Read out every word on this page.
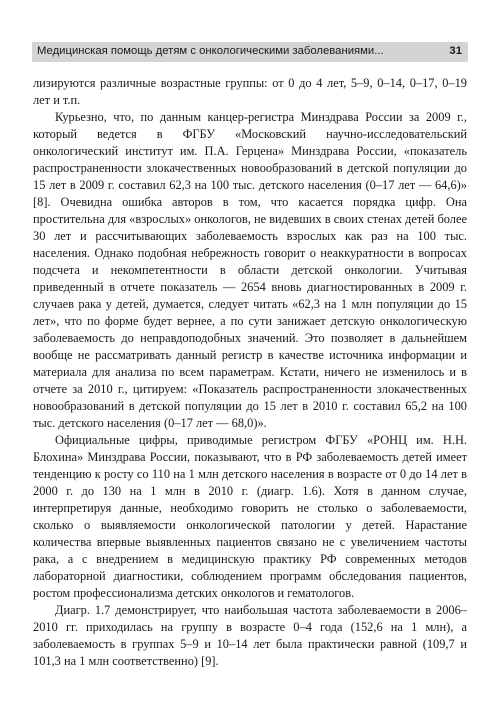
Медицинская помощь детям с онкологическими заболеваниями...	31

лизируются различные возрастные группы: от 0 до 4 лет, 5–9, 0–14, 0–17, 0–19 лет и т.п.

Курьезно, что, по данным канцер-регистра Минздрава России за 2009 г., который ведется в ФГБУ «Московский научно-исследовательский онкологический институт им. П.А. Герцена» Минздрава России, «показатель распространенности злокачественных новообразований в детской популяции до 15 лет в 2009 г. составил 62,3 на 100 тыс. детского населения (0–17 лет — 64,6)» [8]. Очевидна ошибка авторов в том, что касается порядка цифр. Она простительна для «взрослых» онкологов, не видевших в своих стенах детей более 30 лет и рассчитывающих заболеваемость взрослых как раз на 100 тыс. населения. Однако подобная небрежность говорит о неаккуратности в вопросах подсчета и некомпетентности в области детской онкологии. Учитывая приведенный в отчете показатель — 2654 вновь диагностированных в 2009 г. случаев рака у детей, думается, следует читать «62,3 на 1 млн популяции до 15 лет», что по форме будет вернее, а по сути занижает детскую онкологическую заболеваемость до неправдоподобных значений. Это позволяет в дальнейшем вообще не рассматривать данный регистр в качестве источника информации и материала для анализа по всем параметрам. Кстати, ничего не изменилось и в отчете за 2010 г., цитируем: «Показатель распространенности злокачественных новообразований в детской популяции до 15 лет в 2010 г. составил 65,2 на 100 тыс. детского населения (0–17 лет — 68,0)».

Официальные цифры, приводимые регистром ФГБУ «РОНЦ им. Н.Н. Блохина» Минздрава России, показывают, что в РФ заболеваемость детей имеет тенденцию к росту со 110 на 1 млн детского населения в возрасте от 0 до 14 лет в 2000 г. до 130 на 1 млн в 2010 г. (диагр. 1.6). Хотя в данном случае, интерпретируя данные, необходимо говорить не столько о заболеваемости, сколько о выявляемости онкологической патологии у детей. Нарастание количества впервые выявленных пациентов связано не с увеличением частоты рака, а с внедрением в медицинскую практику РФ современных методов лабораторной диагностики, соблюдением программ обследования пациентов, ростом профессионализма детских онкологов и гематологов.

Диагр. 1.7 демонстрирует, что наибольшая частота заболеваемости в 2006–2010 гг. приходилась на группу в возрасте 0–4 года (152,6 на 1 млн), а заболеваемость в группах 5–9 и 10–14 лет была практически равной (109,7 и 101,3 на 1 млн соответственно) [9].
